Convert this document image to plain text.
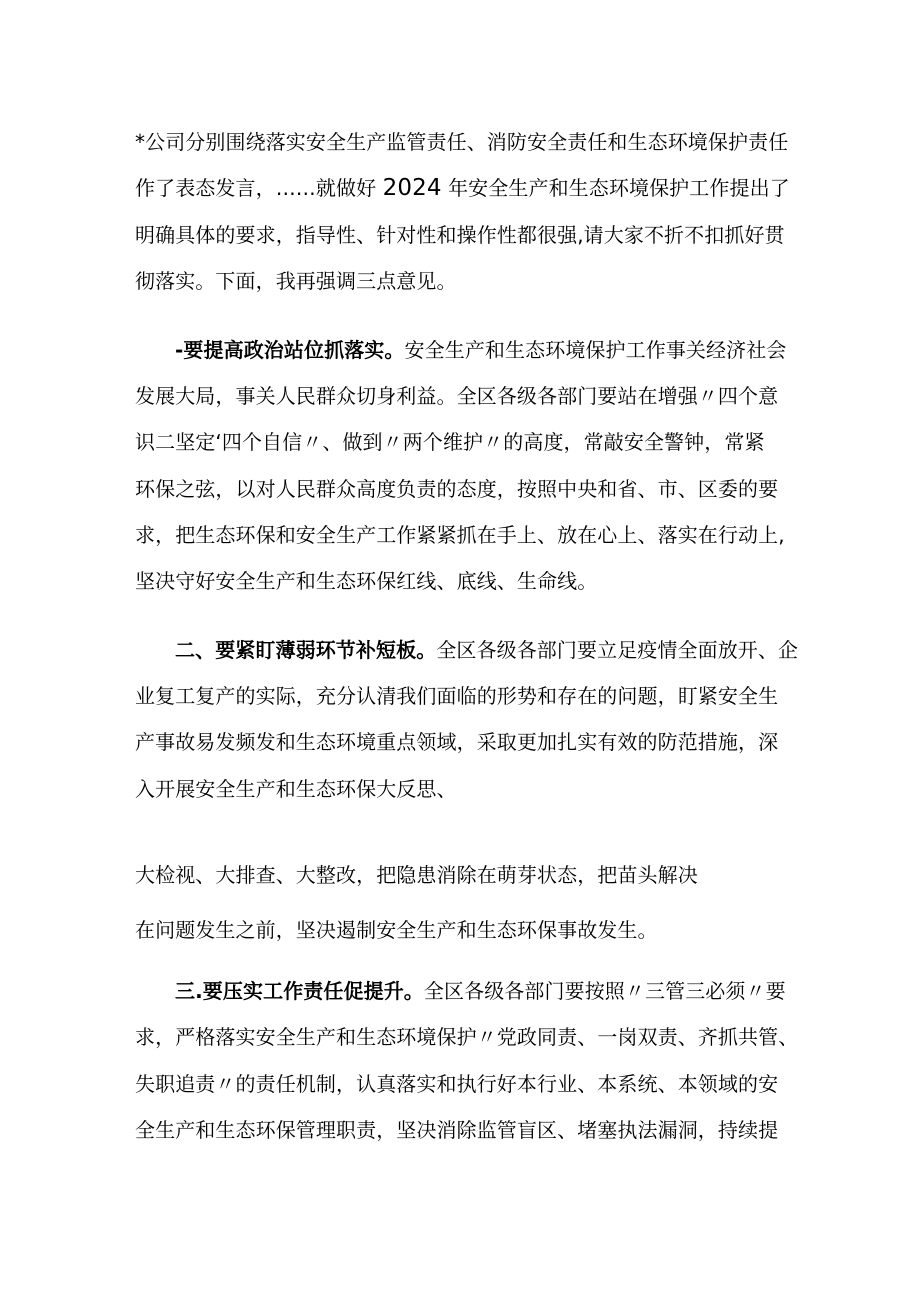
*公司分别围绕落实安全生产监管责任、消防安全责任和生态环境保护责任
作了表态发言，……就做好 2024 年安全生产和生态环境保护工作提出了
明确具体的要求，指导性、针对性和操作性都很强,请大家不折不扣抓好贯
彻落实。下面，我再强调三点意见。
-要提高政治站位抓落实。安全生产和生态环境保护工作事关经济社会
发展大局，事关人民群众切身利益。全区各级各部门要站在增强〃四个意
识二坚定‘四个自信〃、做到〃两个维护〃的高度，常敲安全警钟，常紧
环保之弦，以对人民群众高度负责的态度，按照中央和省、市、区委的要
求，把生态环保和安全生产工作紧紧抓在手上、放在心上、落实在行动上,
坚决守好安全生产和生态环保红线、底线、生命线。
二、要紧盯薄弱环节补短板。全区各级各部门要立足疫情全面放开、企
业复工复产的实际，充分认清我们面临的形势和存在的问题，盯紧安全生
产事故易发频发和生态环境重点领域，采取更加扎实有效的防范措施，深
入开展安全生产和生态环保大反思、
大检视、大排查、大整改，把隐患消除在萌芽状态，把苗头解决
在问题发生之前，坚决遏制安全生产和生态环保事故发生。
三.要压实工作责任促提升。全区各级各部门要按照〃三管三必须〃要
求，严格落实安全生产和生态环境保护〃党政同责、一岗双责、齐抓共管、
失职追责〃的责任机制，认真落实和执行好本行业、本系统、本领域的安
全生产和生态环保管理职责，坚决消除监管盲区、堵塞执法漏洞，持续提
